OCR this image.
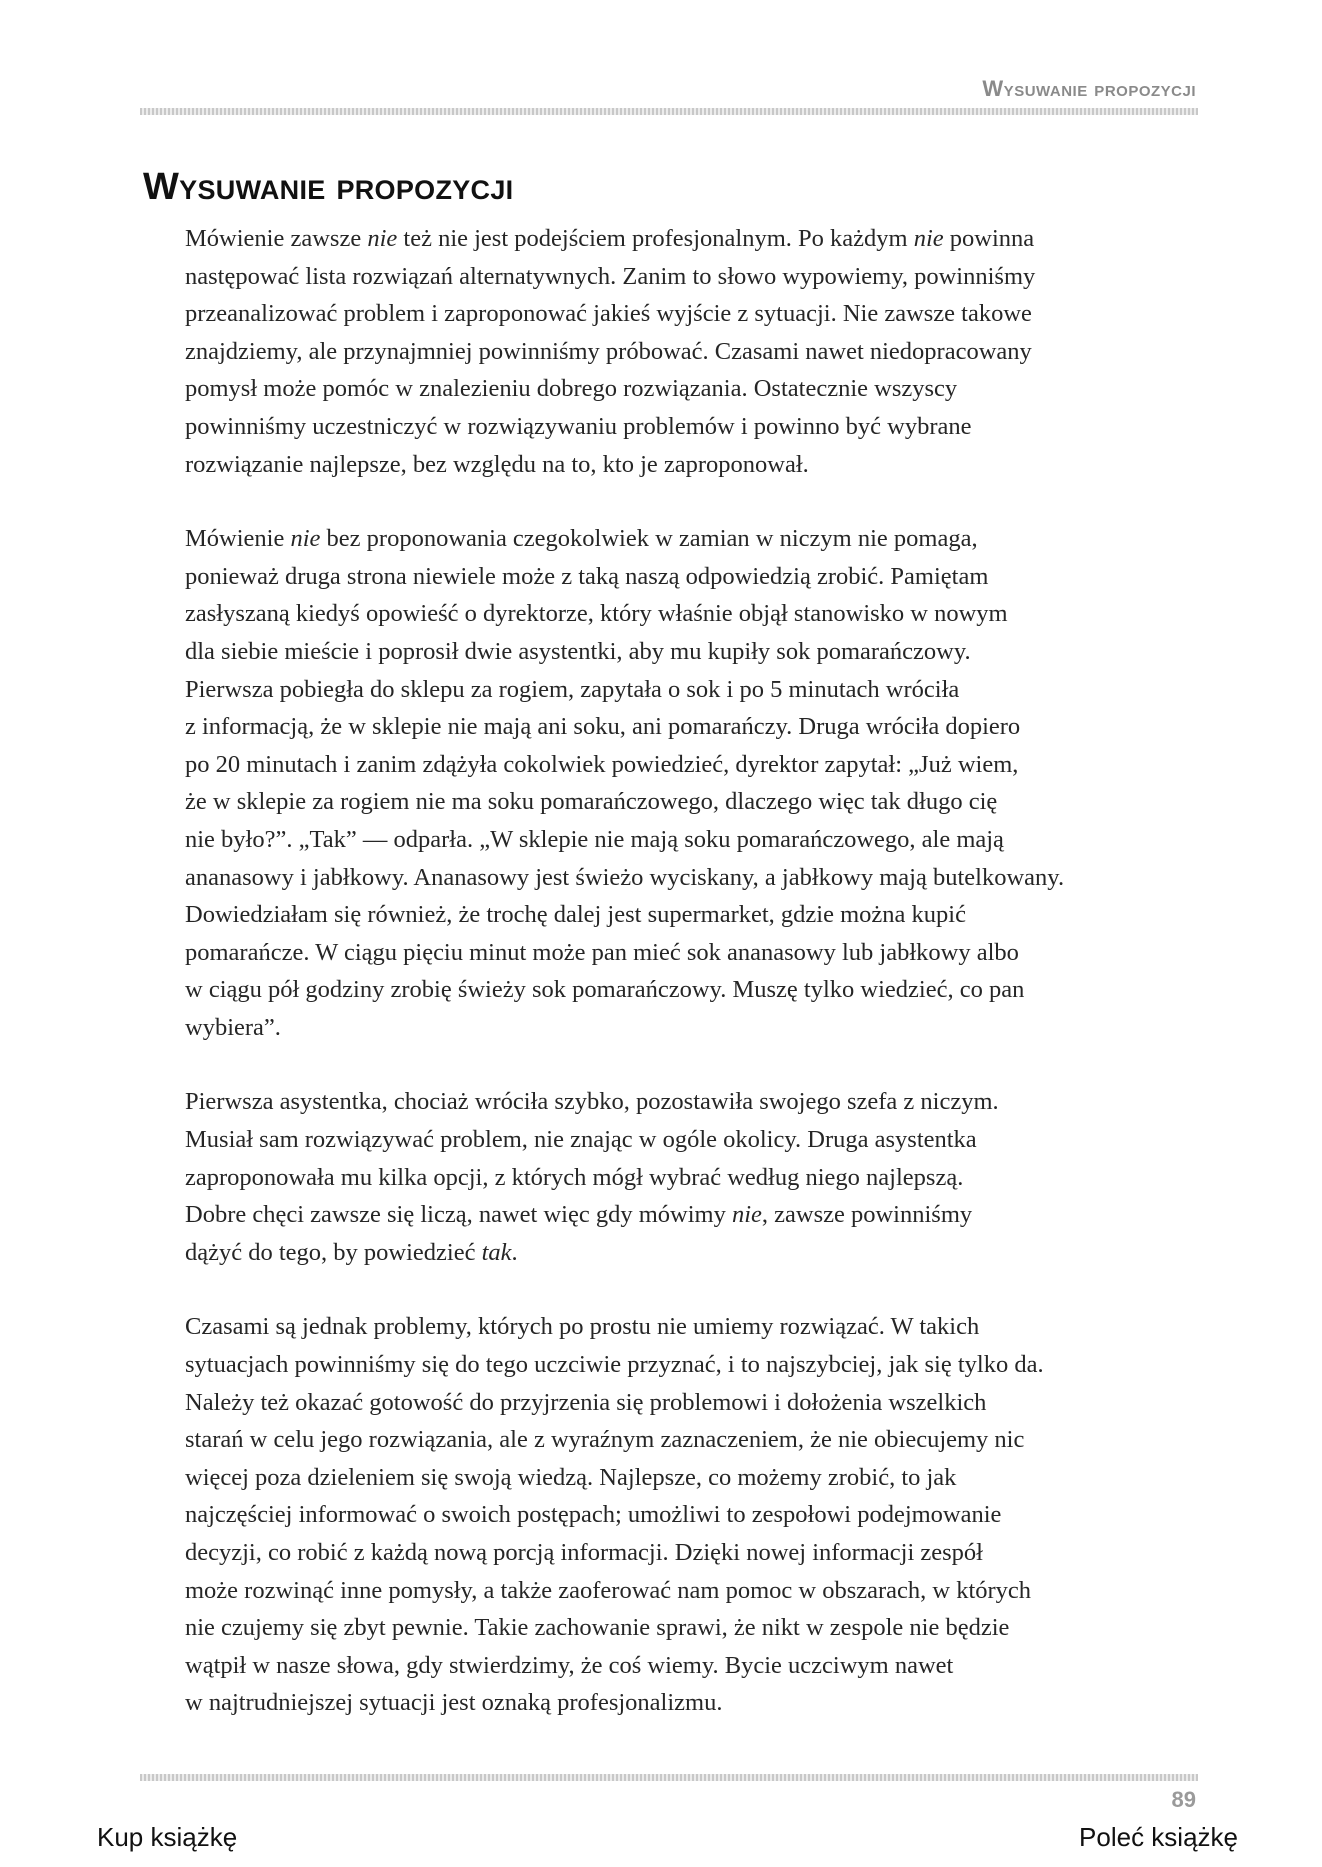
Wysuwanie propozycji
Wysuwanie propozycji

Mówienie zawsze nie też nie jest podejściem profesjonalnym. Po każdym nie powinna
następować lista rozwiązań alternatywnych. Zanim to słowo wypowiemy, powinniśmy
przeanalizować problem i zaproponować jakieś wyjście z sytuacji. Nie zawsze takowe
znajdziemy, ale przynajmniej powinniśmy próbować. Czasami nawet niedopracowany
pomysł może pomóc w znalezieniu dobrego rozwiązania. Ostatecznie wszyscy
powinniśmy uczestniczyć w rozwiązywaniu problemów i powinno być wybrane
rozwiązanie najlepsze, bez względu na to, kto je zaproponował.

Mówienie nie bez proponowania czegokolwiek w zamian w niczym nie pomaga,
ponieważ druga strona niewiele może z taką naszą odpowiedzią zrobić. Pamiętam
zasłyszaną kiedyś opowieść o dyrektorze, który właśnie objął stanowisko w nowym
dla siebie mieście i poprosił dwie asystentki, aby mu kupiły sok pomarańczowy.
Pierwsza pobiegła do sklepu za rogiem, zapytała o sok i po 5 minutach wróciła
z informacją, że w sklepie nie mają ani soku, ani pomarańczy. Druga wróciła dopiero
po 20 minutach i zanim zdążyła cokolwiek powiedzieć, dyrektor zapytał: „Już wiem,
że w sklepie za rogiem nie ma soku pomarańczowego, dlaczego więc tak długo cię
nie było?”. „Tak” — odparła. „W sklepie nie mają soku pomarańczowego, ale mają
ananasowy i jabłkowy. Ananasowy jest świeżo wyciskany, a jabłkowy mają butelkowany.
Dowiedziałam się również, że trochę dalej jest supermarket, gdzie można kupić
pomarańcze. W ciągu pięciu minut może pan mieć sok ananasowy lub jabłkowy albo
w ciągu pół godziny zrobię świeży sok pomarańczowy. Muszę tylko wiedzieć, co pan
wybiera”.

Pierwsza asystentka, chociaż wróciła szybko, pozostawiła swojego szefa z niczym.
Musiał sam rozwiązywać problem, nie znając w ogóle okolicy. Druga asystentka
zaproponowała mu kilka opcji, z których mógł wybrać według niego najlepszą.
Dobre chęci zawsze się liczą, nawet więc gdy mówimy nie, zawsze powinniśmy
dążyć do tego, by powiedzieć tak.

Czasami są jednak problemy, których po prostu nie umiemy rozwiązać. W takich
sytuacjach powinniśmy się do tego uczciwie przyznać, i to najszybciej, jak się tylko da.
Należy też okazać gotowość do przyjrzenia się problemowi i dołożenia wszelkich
starań w celu jego rozwiązania, ale z wyraźnym zaznaczeniem, że nie obiecujemy nic
więcej poza dzieleniem się swoją wiedzą. Najlepsze, co możemy zrobić, to jak
najczęściej informować o swoich postępach; umożliwi to zespołowi podejmowanie
decyzji, co robić z każdą nową porcją informacji. Dzięki nowej informacji zespół
może rozwinąć inne pomysły, a także zaoferować nam pomoc w obszarach, w których
nie czujemy się zbyt pewnie. Takie zachowanie sprawi, że nikt w zespole nie będzie
wątpił w nasze słowa, gdy stwierdzimy, że coś wiemy. Bycie uczciwym nawet
w najtrudniejszej sytuacji jest oznaką profesjonalizmu.

89
Kup książkę	Poleć książkę
